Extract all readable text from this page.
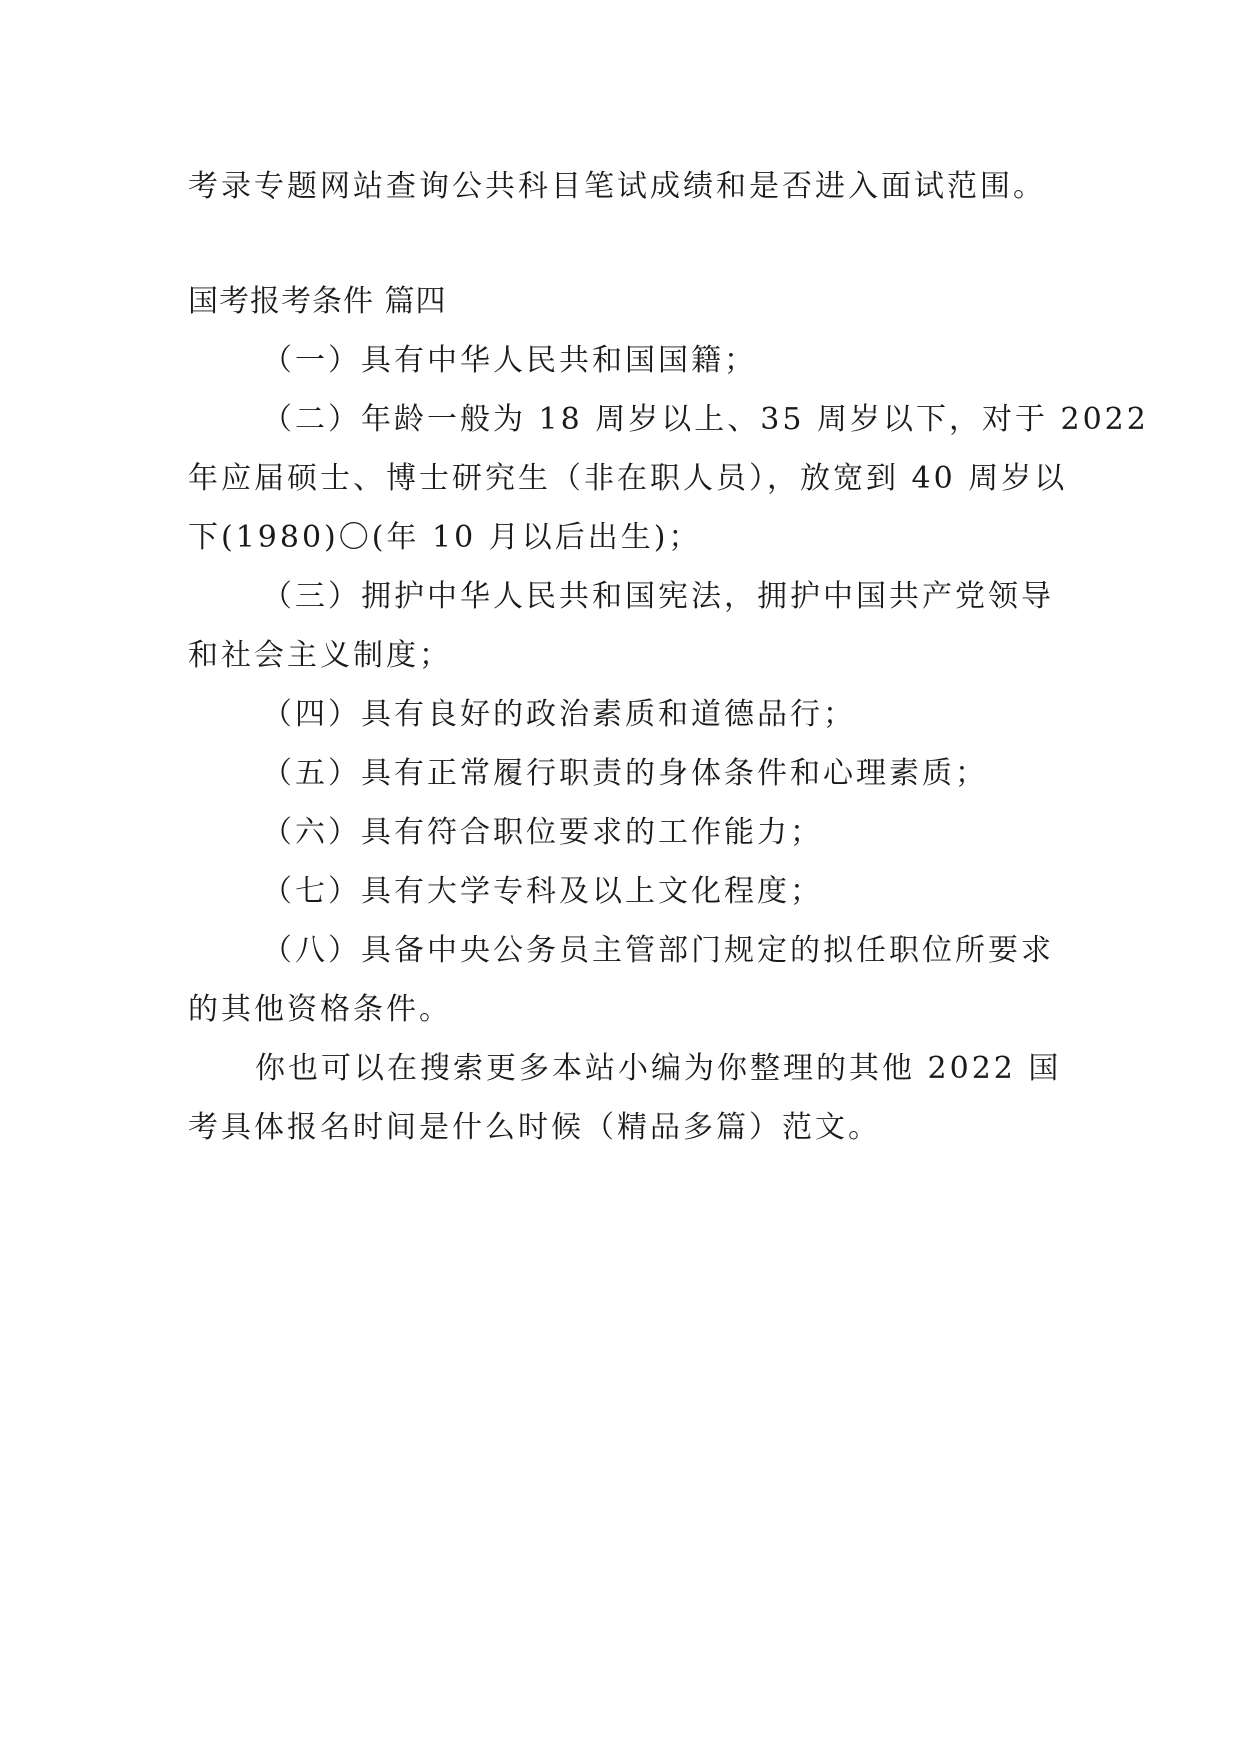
考录专题网站查询公共科目笔试成绩和是否进入面试范围。
国考报考条件 篇四
（一）具有中华人民共和国国籍；
（二）年龄一般为 18 周岁以上、35 周岁以下，对于 2022
年应届硕士、博士研究生（非在职人员），放宽到 40 周岁以
下(1980)〇(年 10 月以后出生)；
（三）拥护中华人民共和国宪法，拥护中国共产党领导
和社会主义制度；
（四）具有良好的政治素质和道德品行；
（五）具有正常履行职责的身体条件和心理素质；
（六）具有符合职位要求的工作能力；
（七）具有大学专科及以上文化程度；
（八）具备中央公务员主管部门规定的拟任职位所要求
的其他资格条件。
你也可以在搜索更多本站小编为你整理的其他 2022 国
考具体报名时间是什么时候（精品多篇）范文。
